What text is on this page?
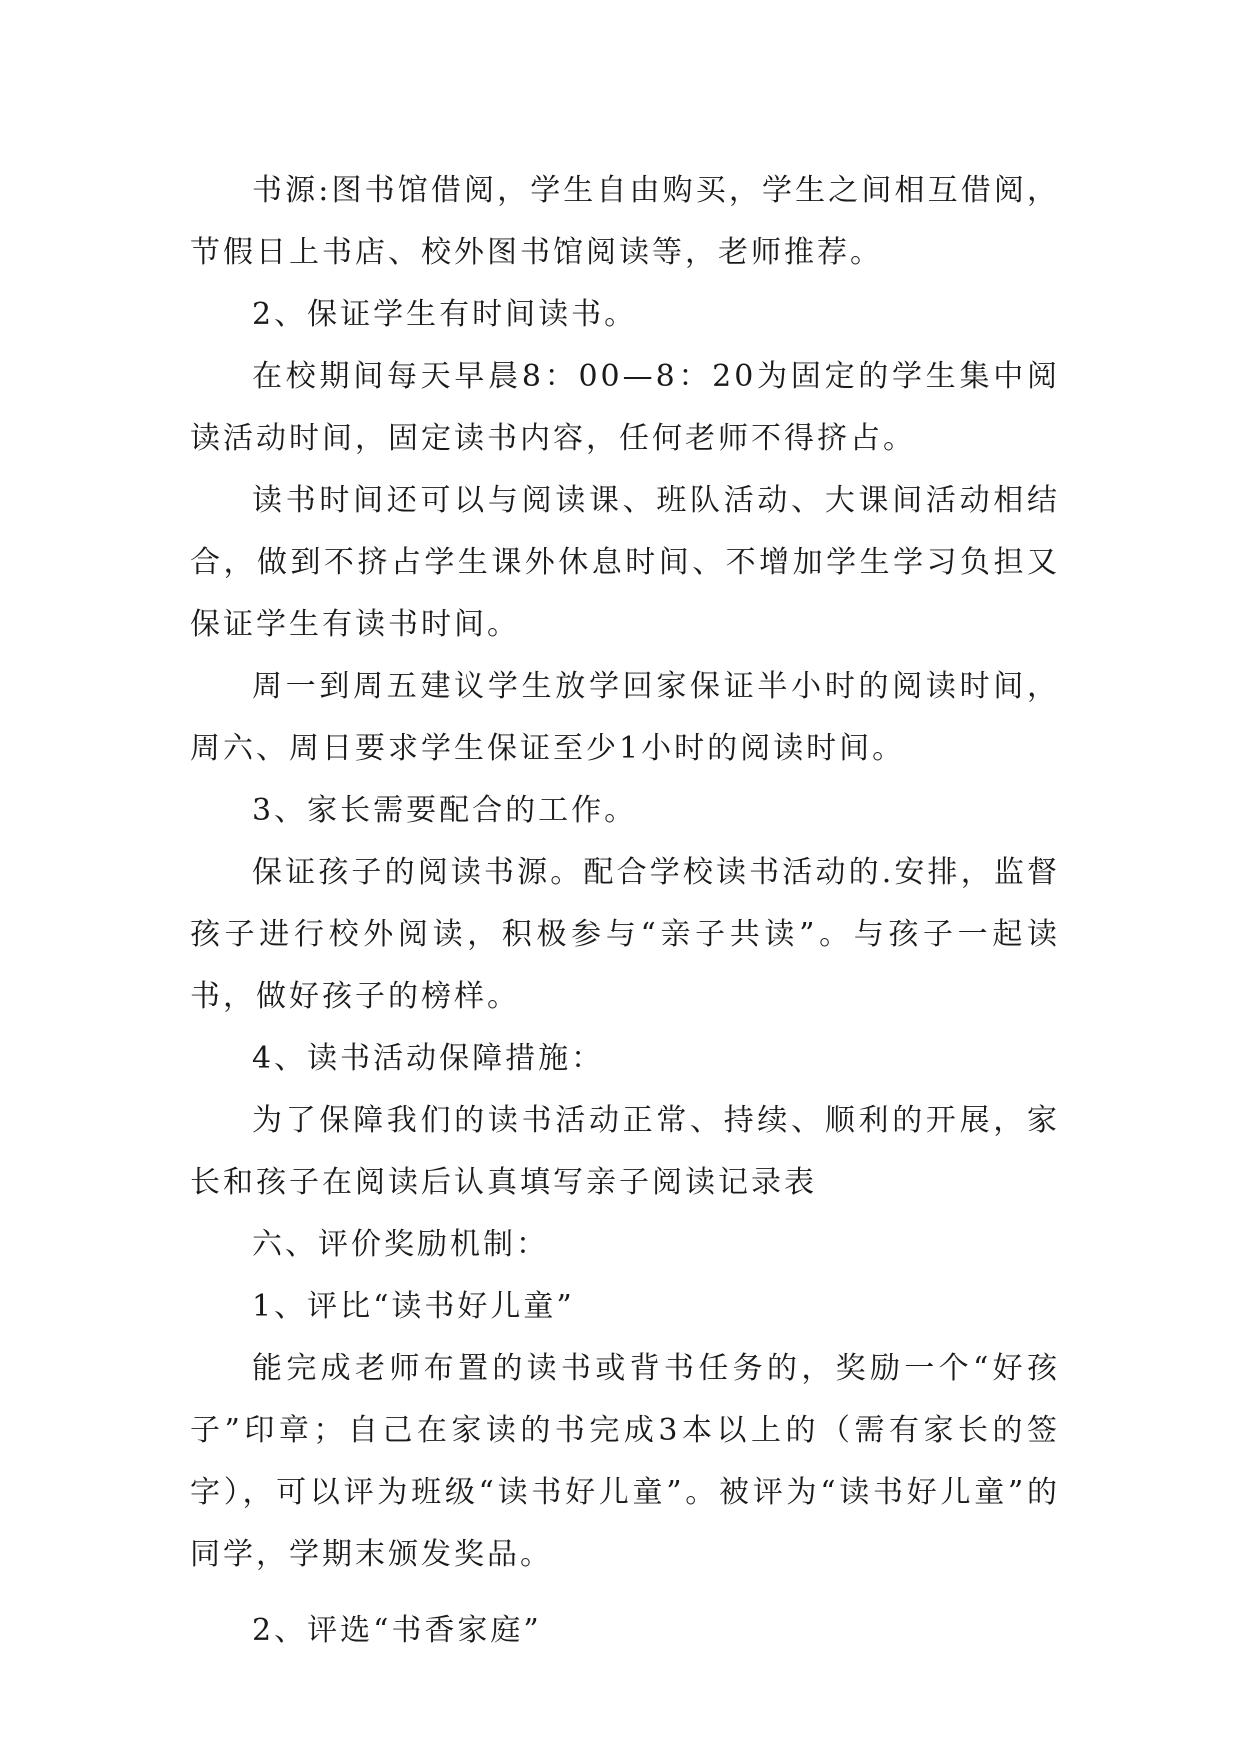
书源:图书馆借阅，学生自由购买，学生之间相互借阅，节假日上书店、校外图书馆阅读等，老师推荐。

2、保证学生有时间读书。

在校期间每天早晨8：00—8：20为固定的学生集中阅读活动时间，固定读书内容，任何老师不得挤占。

读书时间还可以与阅读课、班队活动、大课间活动相结合，做到不挤占学生课外休息时间、不增加学生学习负担又保证学生有读书时间。

周一到周五建议学生放学回家保证半小时的阅读时间，周六、周日要求学生保证至少1小时的阅读时间。

3、家长需要配合的工作。

保证孩子的阅读书源。配合学校读书活动的.安排，监督孩子进行校外阅读，积极参与“亲子共读”。与孩子一起读书，做好孩子的榜样。

4、读书活动保障措施：

为了保障我们的读书活动正常、持续、顺利的开展，家长和孩子在阅读后认真填写亲子阅读记录表

六、评价奖励机制：

1、评比“读书好儿童”

能完成老师布置的读书或背书任务的，奖励一个“好孩子”印章；自己在家读的书完成3本以上的（需有家长的签字），可以评为班级“读书好儿童”。被评为“读书好儿童”的同学，学期末颁发奖品。

2、评选“书香家庭”
